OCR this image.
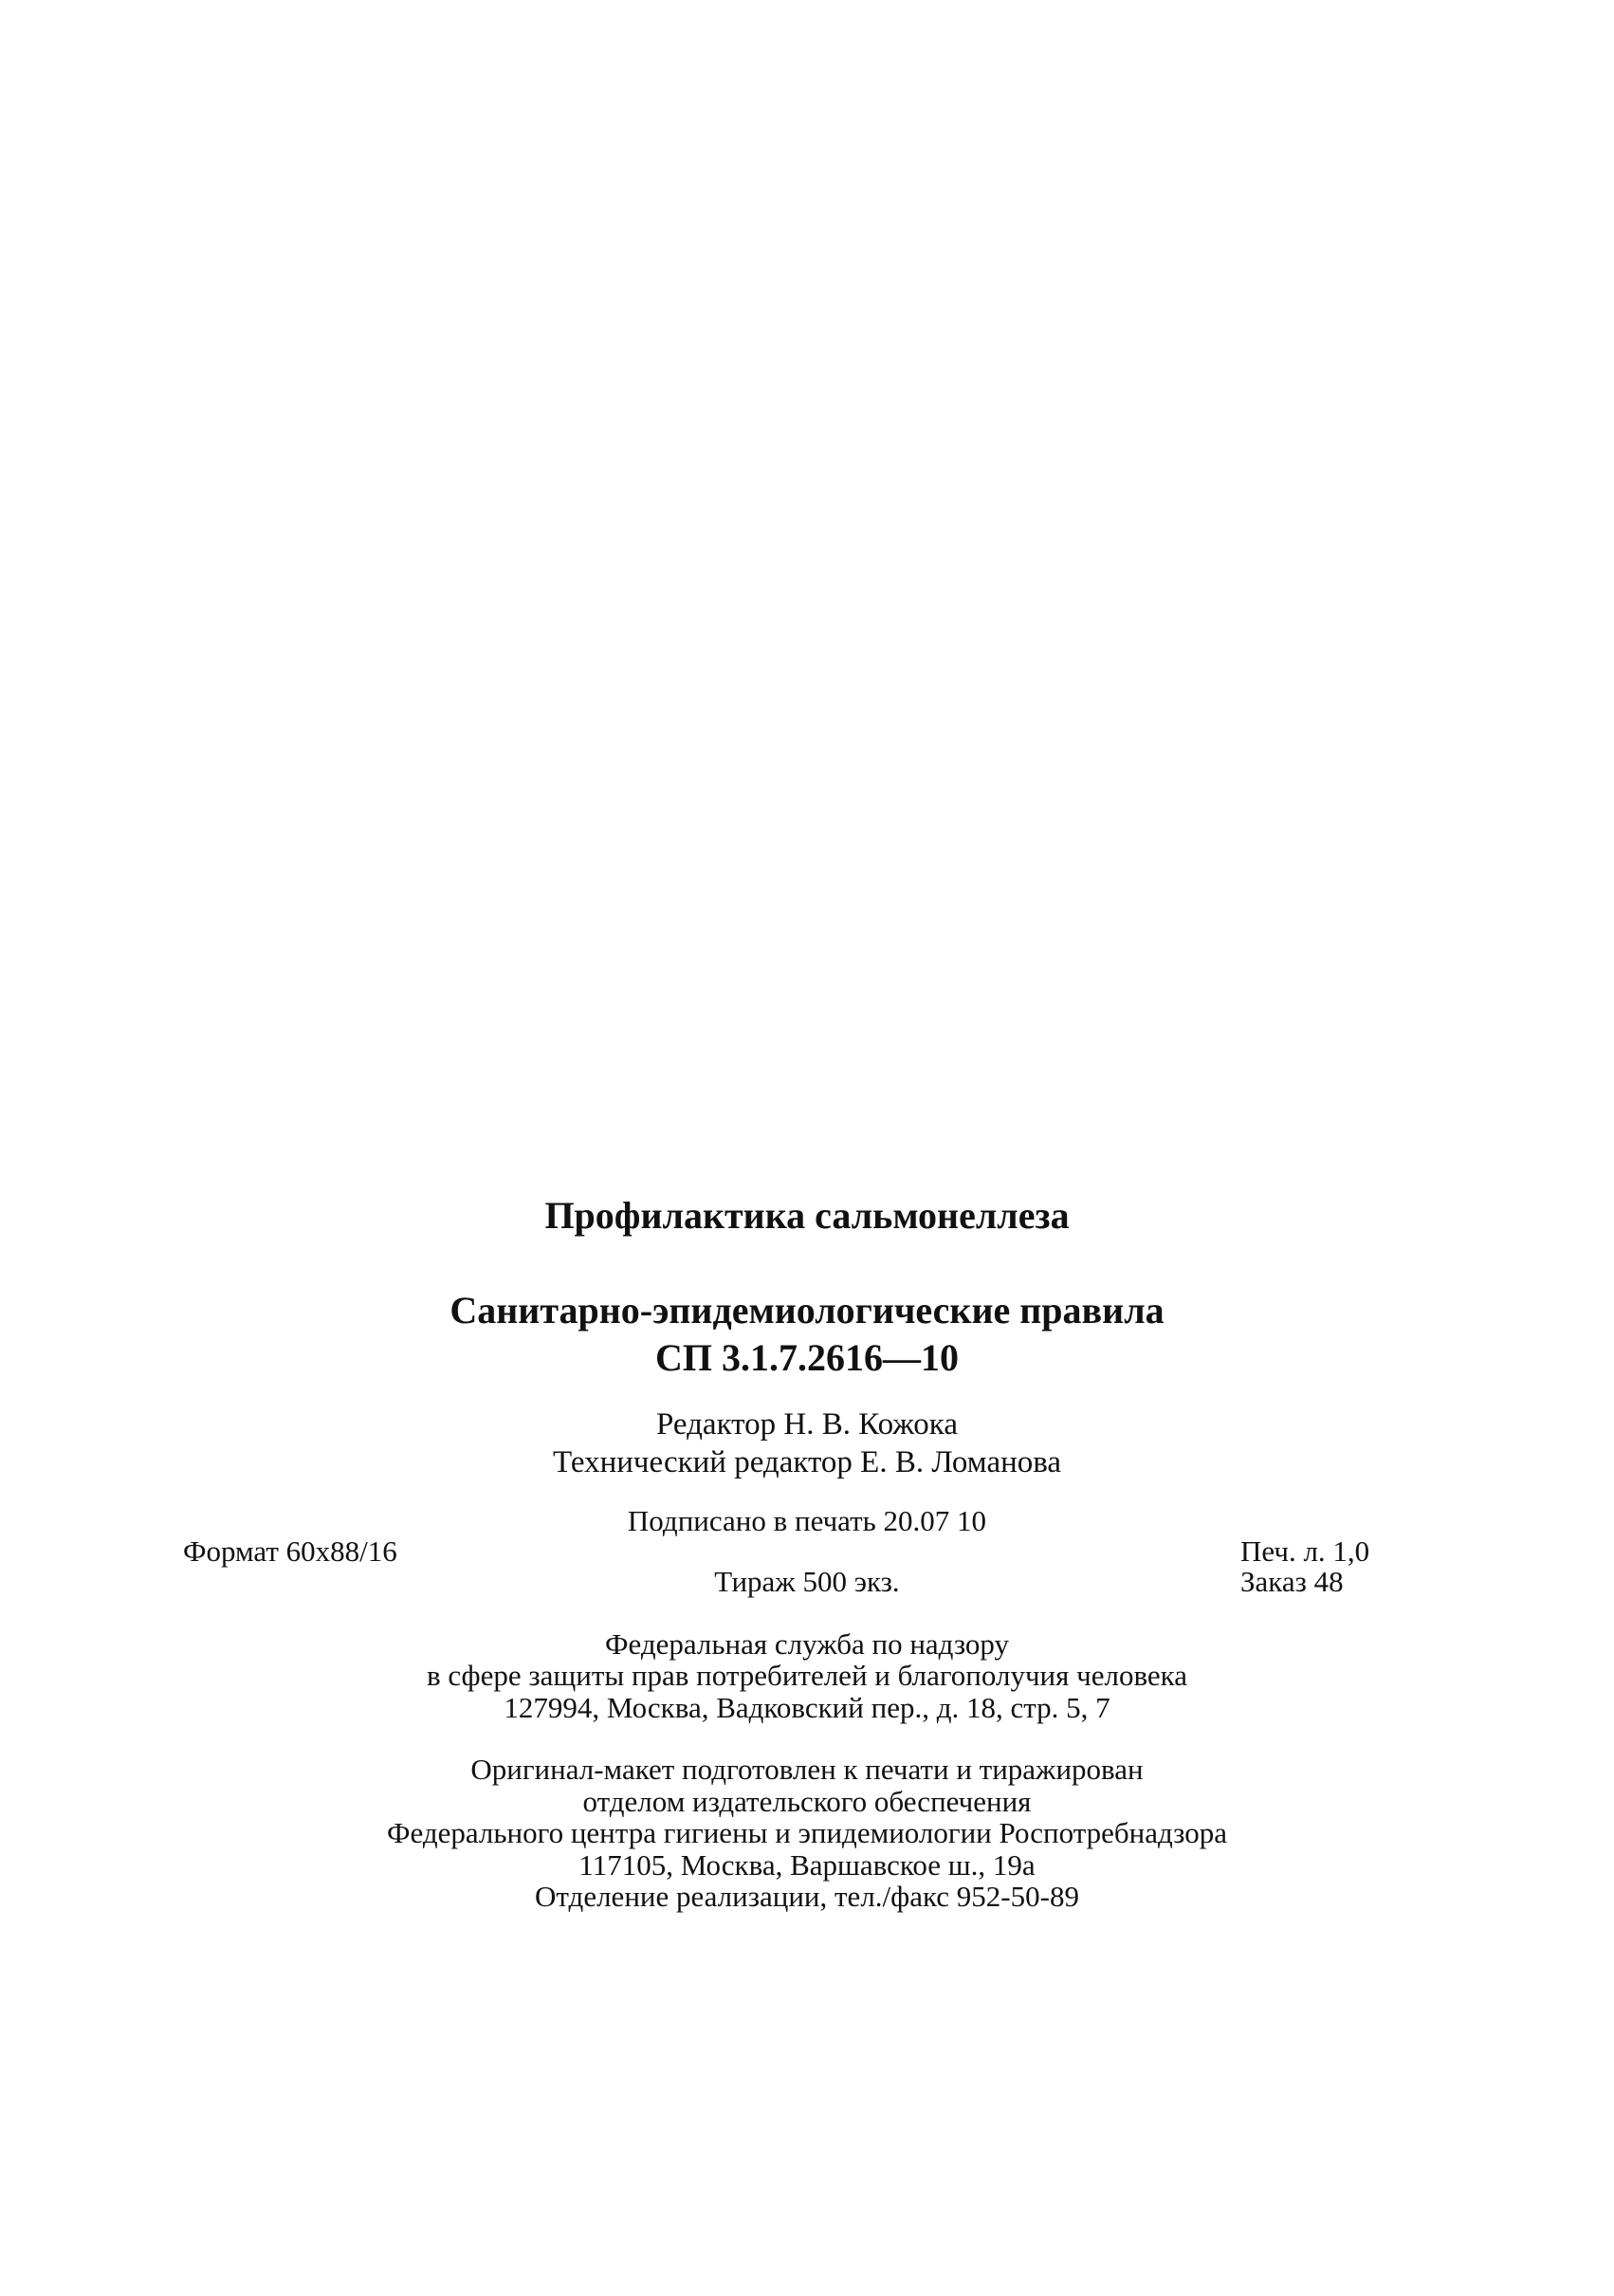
Профилактика сальмонеллеза
Санитарно-эпидемиологические правила
СП 3.1.7.2616—10
Редактор Н. В. Кожока
Технический редактор Е. В. Ломанова
Подписано в печать 20.07 10
Формат 60x88/16	Печ. л. 1,0
Тираж 500 экз.	Заказ 48
Федеральная служба по надзору
в сфере защиты прав потребителей и благополучия человека
127994, Москва, Вадковский пер., д. 18, стр. 5, 7
Оригинал-макет подготовлен к печати и тиражирован
отделом издательского обеспечения
Федерального центра гигиены и эпидемиологии Роспотребнадзора
117105, Москва, Варшавское ш., 19а
Отделение реализации, тел./факс 952-50-89
